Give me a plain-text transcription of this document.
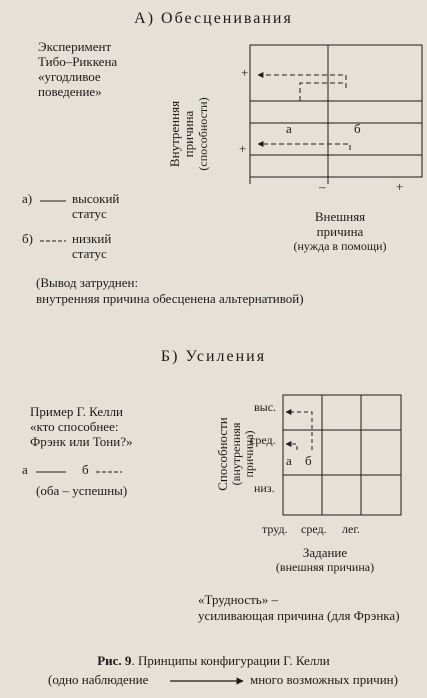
А) Обесценивания
Эксперимент
Тибо–Риккена
«угодливое
поведение»
а)	высокий
статус
б)	низкий
статус
(Вывод затруднен:
внутренняя причина обесценена альтернативой)
Внутренняя причина (способности)
+
+
–	+
а	б
Внешняя
причина
(нужда в помощи)
Б) Усиления
Пример Г. Келли
«кто способнее:
Фрэнк или Тони?»
а	б
(оба – успешны)	Способности (внутренняя причина)
выс.
сред.
низ.
а б
труд. сред. лег.
Задание
(внешняя причина)
«Трудность» –
усиливающая причина (для Фрэнка)
Рис. 9. Принципы конфигурации Г. Келли
(одно наблюдение	много возможных причин)
